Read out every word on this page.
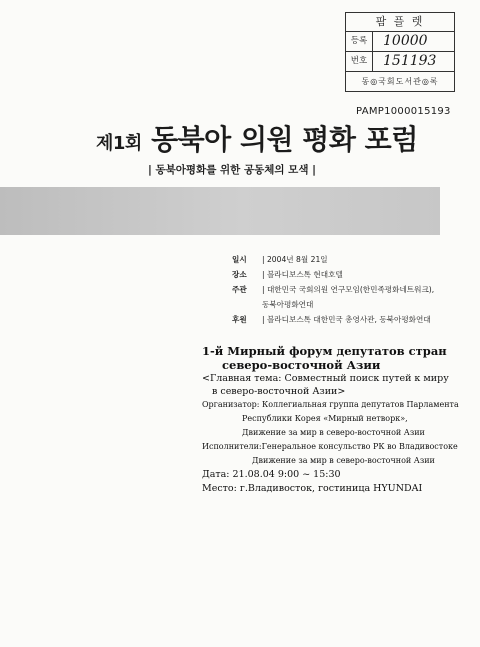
팜 플 렛
등록	10000
번호	151193
동◎국회도서관◎록
PAMP1000015193
제1회 동북아 의원 평화 포럼
| 동북아평화를 위한 공동체의 모색 |
일시	| 2004년 8월 21일
장소	| 블라디보스톡 현대호텔
주관	| 대한민국 국회의원 연구모임(한민족평화네트워크),
동북아평화연대
후원	| 블라디보스톡 대한민국 총영사관, 동북아평화연대
1-й Мирный форум депутатов стран
северо-восточной Азии
<Главная тема: Совместный поиск путей к миру
в северо-восточной Азии>
Организатор: Коллегиальная группа депутатов Парламента
Республики Корея «Мирный нетворк»,
Движение за мир в северо-восточной Азии
Исполнители:Генеральное консульство РК во Владивостоке
Движение за мир в северо-восточной Азии
Дата: 21.08.04 9:00 ~ 15:30
Место: г.Владивосток, гостиница HYUNDAI
